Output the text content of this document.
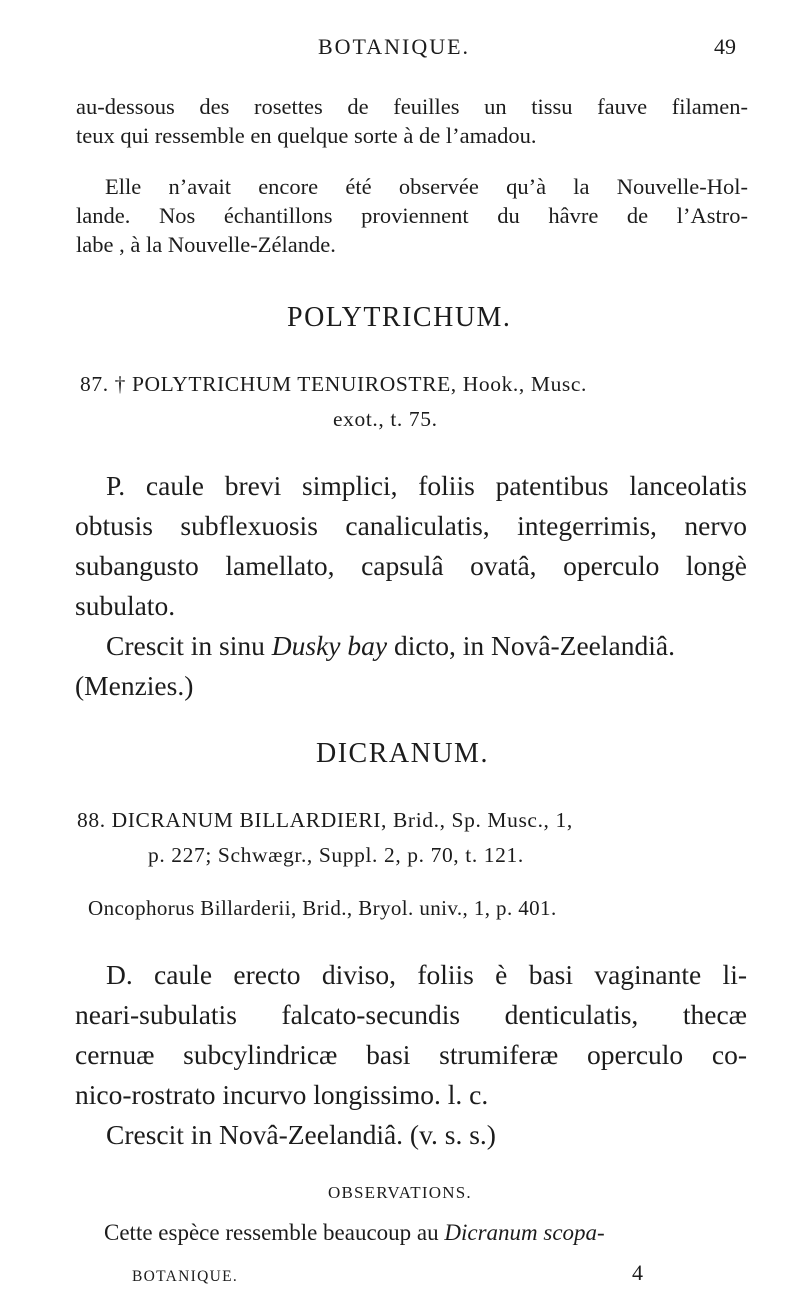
BOTANIQUE.	49
au-dessous des rosettes de feuilles un tissu fauve filamen-
teux qui ressemble en quelque sorte à de l’amadou.
Elle n’avait encore été observée qu’à la Nouvelle-Hol-
lande. Nos échantillons proviennent du hâvre de l’Astro-
labe , à la Nouvelle-Zélande.
POLYTRICHUM.
87. † POLYTRICHUM TENUIROSTRE, Hook., Musc.
exot., t. 75.
P. caule brevi simplici, foliis patentibus lanceolatis
obtusis subflexuosis canaliculatis, integerrimis, nervo
subangusto lamellato, capsulâ ovatâ, operculo longè
subulato.
Crescit in sinu Dusky bay dicto, in Novâ-Zeelandiâ.
(Menzies.)
DICRANUM.
88. DICRANUM BILLARDIERI, Brid., Sp. Musc., 1,
p. 227; Schwægr., Suppl. 2, p. 70, t. 121.
Oncophorus Billarderii, Brid., Bryol. univ., 1, p. 401.
D. caule erecto diviso, foliis è basi vaginante li-
neari-subulatis falcato-secundis denticulatis, thecæ
cernuæ subcylindricæ basi strumiferæ operculo co-
nico-rostrato incurvo longissimo. l. c.
Crescit in Novâ-Zeelandiâ. (v. s. s.)
OBSERVATIONS.
Cette espèce ressemble beaucoup au Dicranum scopa-
BOTANIQUE.	4
